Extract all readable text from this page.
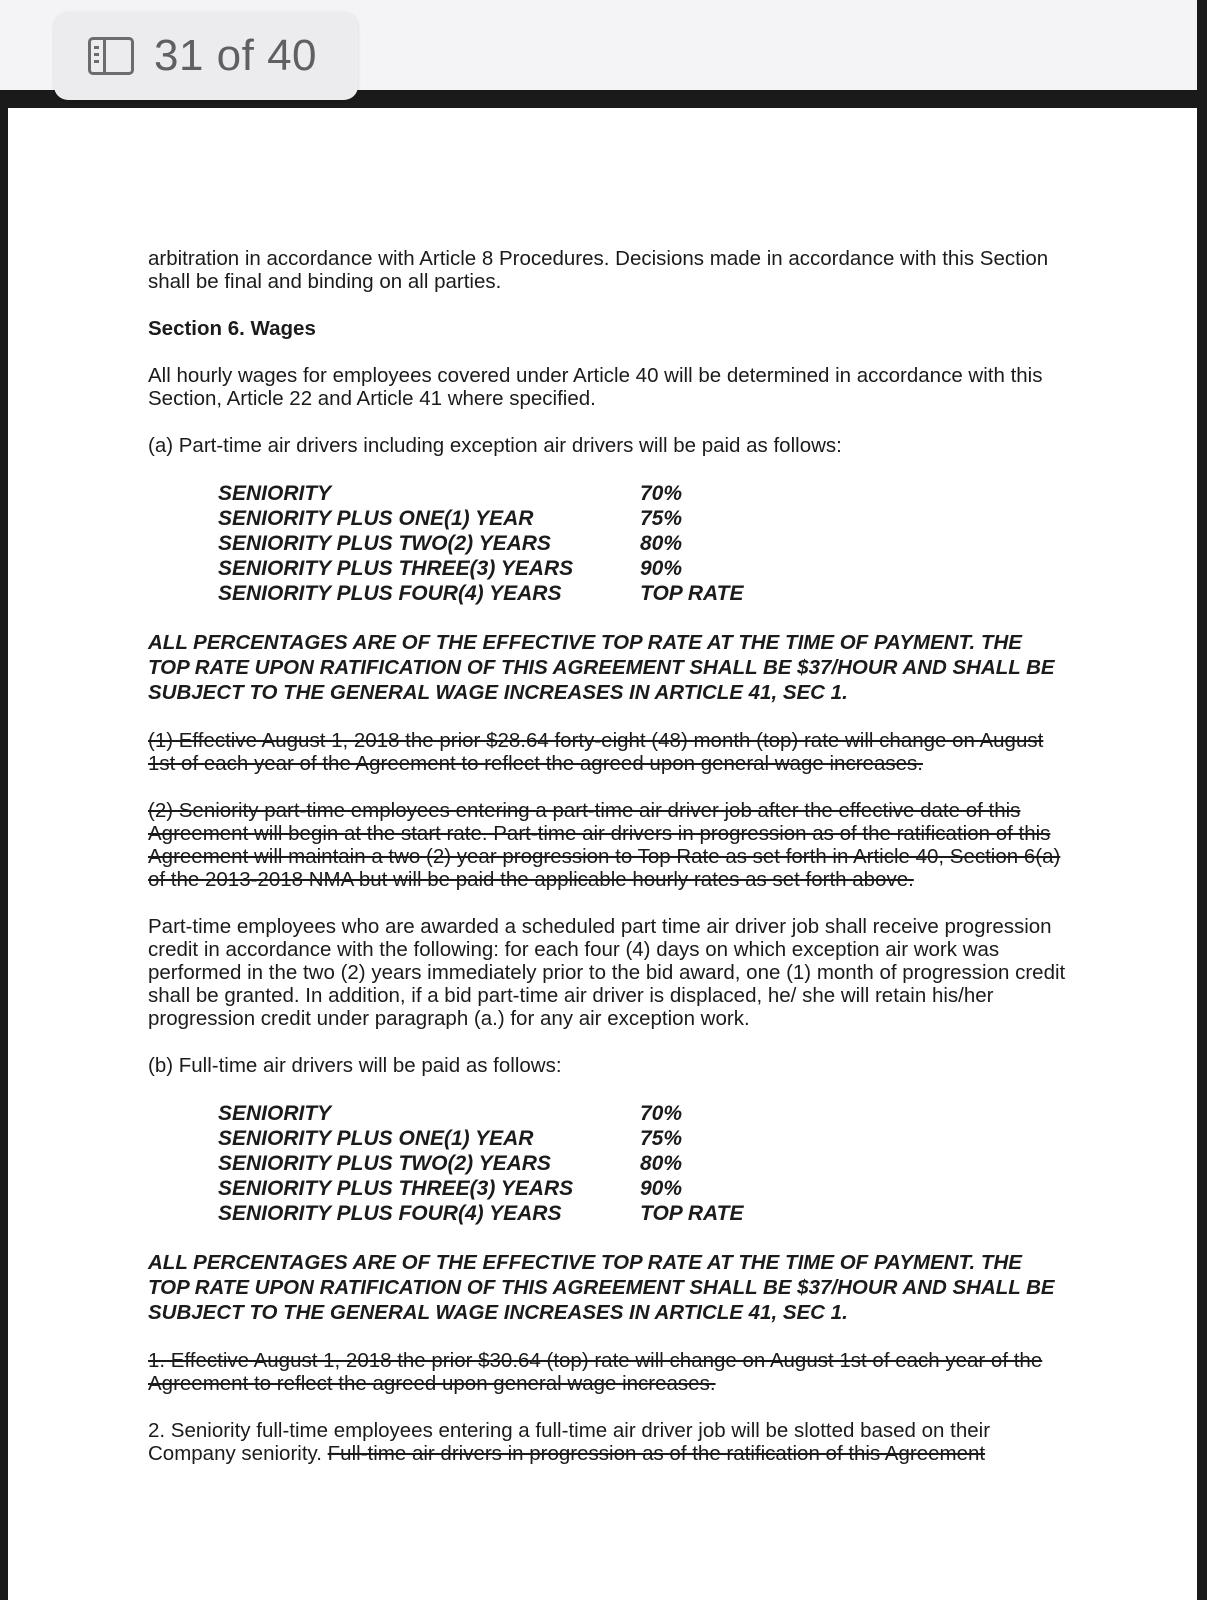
31 of 40

arbitration in accordance with Article 8 Procedures. Decisions made in accordance with this Section shall be final and binding on all parties.

Section 6. Wages

All hourly wages for employees covered under Article 40 will be determined in accordance with this Section, Article 22 and Article 41 where specified.

(a) Part-time air drivers including exception air drivers will be paid as follows:

SENIORITY	70%
SENIORITY PLUS ONE(1) YEAR	75%
SENIORITY PLUS TWO(2) YEARS	80%
SENIORITY PLUS THREE(3) YEARS	90%
SENIORITY PLUS FOUR(4) YEARS	TOP RATE

ALL PERCENTAGES ARE OF THE EFFECTIVE TOP RATE AT THE TIME OF PAYMENT. THE TOP RATE UPON RATIFICATION OF THIS AGREEMENT SHALL BE $37/HOUR AND SHALL BE SUBJECT TO THE GENERAL WAGE INCREASES IN ARTICLE 41, SEC 1.

(1) Effective August 1, 2018 the prior $28.64 forty-eight (48) month (top) rate will change on August 1st of each year of the Agreement to reflect the agreed upon general wage increases.

(2) Seniority part-time employees entering a part-time air driver job after the effective date of this Agreement will begin at the start rate. Part-time air drivers in progression as of the ratification of this Agreement will maintain a two (2) year progression to Top Rate as set forth in Article 40, Section 6(a) of the 2013-2018 NMA but will be paid the applicable hourly rates as set forth above.

Part-time employees who are awarded a scheduled part time air driver job shall receive progression credit in accordance with the following: for each four (4) days on which exception air work was performed in the two (2) years immediately prior to the bid award, one (1) month of progression credit shall be granted. In addition, if a bid part-time air driver is displaced, he/ she will retain his/her progression credit under paragraph (a.) for any air exception work.

(b) Full-time air drivers will be paid as follows:

SENIORITY	70%
SENIORITY PLUS ONE(1) YEAR	75%
SENIORITY PLUS TWO(2) YEARS	80%
SENIORITY PLUS THREE(3) YEARS	90%
SENIORITY PLUS FOUR(4) YEARS	TOP RATE

ALL PERCENTAGES ARE OF THE EFFECTIVE TOP RATE AT THE TIME OF PAYMENT. THE TOP RATE UPON RATIFICATION OF THIS AGREEMENT SHALL BE $37/HOUR AND SHALL BE SUBJECT TO THE GENERAL WAGE INCREASES IN ARTICLE 41, SEC 1.

1. Effective August 1, 2018 the prior $30.64 (top) rate will change on August 1st of each year of the Agreement to reflect the agreed upon general wage increases.

2. Seniority full-time employees entering a full-time air driver job will be slotted based on their Company seniority. Full-time air drivers in progression as of the ratification of this Agreement
